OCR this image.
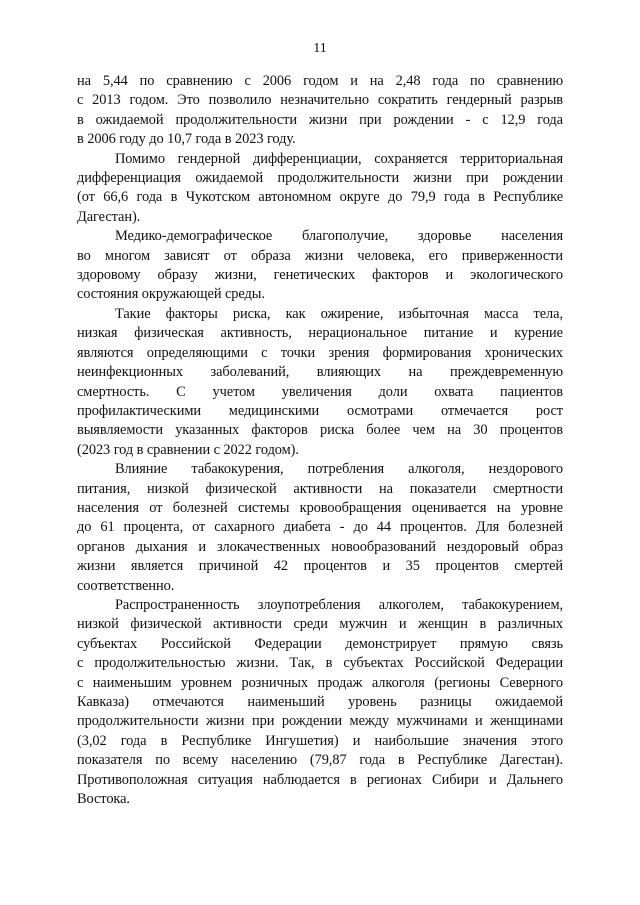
11

на 5,44 по сравнению с 2006 годом и на 2,48 года по сравнению
с 2013 годом. Это позволило незначительно сократить гендерный разрыв
в ожидаемой продолжительности жизни при рождении - с 12,9 года
в 2006 году до 10,7 года в 2023 году.

Помимо гендерной дифференциации, сохраняется территориальная
дифференциация ожидаемой продолжительности жизни при рождении
(от 66,6 года в Чукотском автономном округе до 79,9 года в Республике
Дагестан).

Медико-демографическое благополучие, здоровье населения
во многом зависят от образа жизни человека, его приверженности
здоровому образу жизни, генетических факторов и экологического
состояния окружающей среды.

Такие факторы риска, как ожирение, избыточная масса тела,
низкая физическая активность, нерациональное питание и курение
являются определяющими с точки зрения формирования хронических
неинфекционных заболеваний, влияющих на преждевременную
смертность. С учетом увеличения доли охвата пациентов
профилактическими медицинскими осмотрами отмечается рост
выявляемости указанных факторов риска более чем на 30 процентов
(2023 год в сравнении с 2022 годом).

Влияние табакокурения, потребления алкоголя, нездорового
питания, низкой физической активности на показатели смертности
населения от болезней системы кровообращения оценивается на уровне
до 61 процента, от сахарного диабета - до 44 процентов. Для болезней
органов дыхания и злокачественных новообразований нездоровый образ
жизни является причиной 42 процентов и 35 процентов смертей
соответственно.

Распространенность злоупотребления алкоголем, табакокурением,
низкой физической активности среди мужчин и женщин в различных
субъектах Российской Федерации демонстрирует прямую связь
с продолжительностью жизни. Так, в субъектах Российской Федерации
с наименьшим уровнем розничных продаж алкоголя (регионы Северного
Кавказа) отмечаются наименьший уровень разницы ожидаемой
продолжительности жизни при рождении между мужчинами и женщинами
(3,02 года в Республике Ингушетия) и наибольшие значения этого
показателя по всему населению (79,87 года в Республике Дагестан).
Противоположная ситуация наблюдается в регионах Сибири и Дальнего
Востока.
